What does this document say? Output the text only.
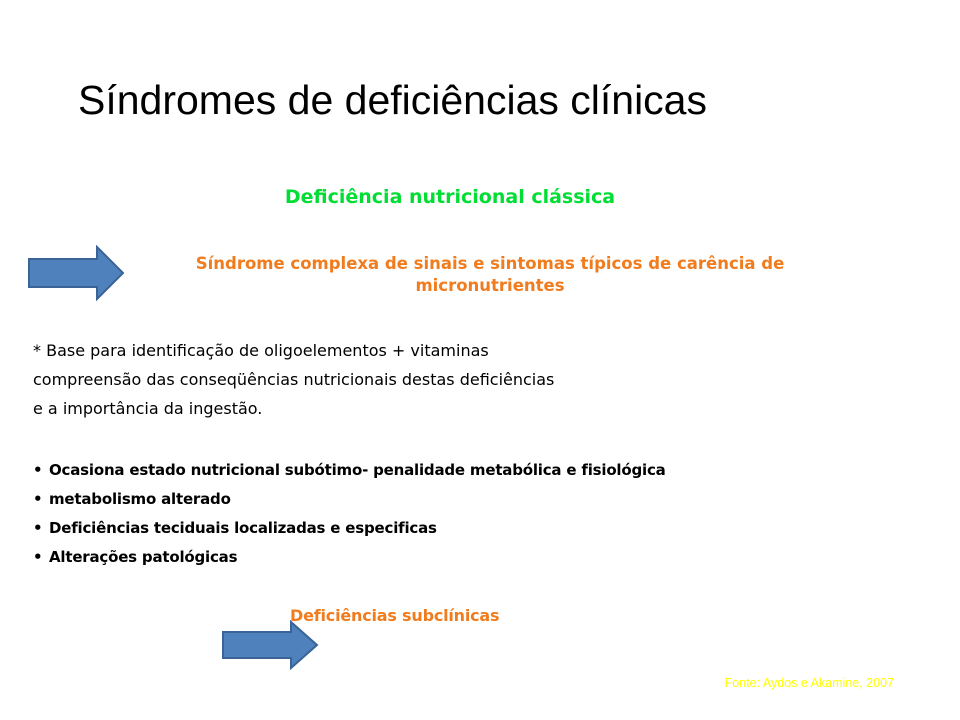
Síndromes de deficiências clínicas
Deficiência nutricional clássica
Síndrome complexa de sinais e sintomas típicos de carência de
micronutrientes
* Base para identificação de oligoelementos + vitaminas
compreensão das conseqüências nutricionais destas deficiências
e a importância da ingestão.
• Ocasiona estado nutricional subótimo- penalidade metabólica e fisiológica
• metabolismo alterado
• Deficiências teciduais localizadas e especificas
• Alterações patológicas
Deficiências subclínicas
Fonte: Aydos e Akamine, 2007
